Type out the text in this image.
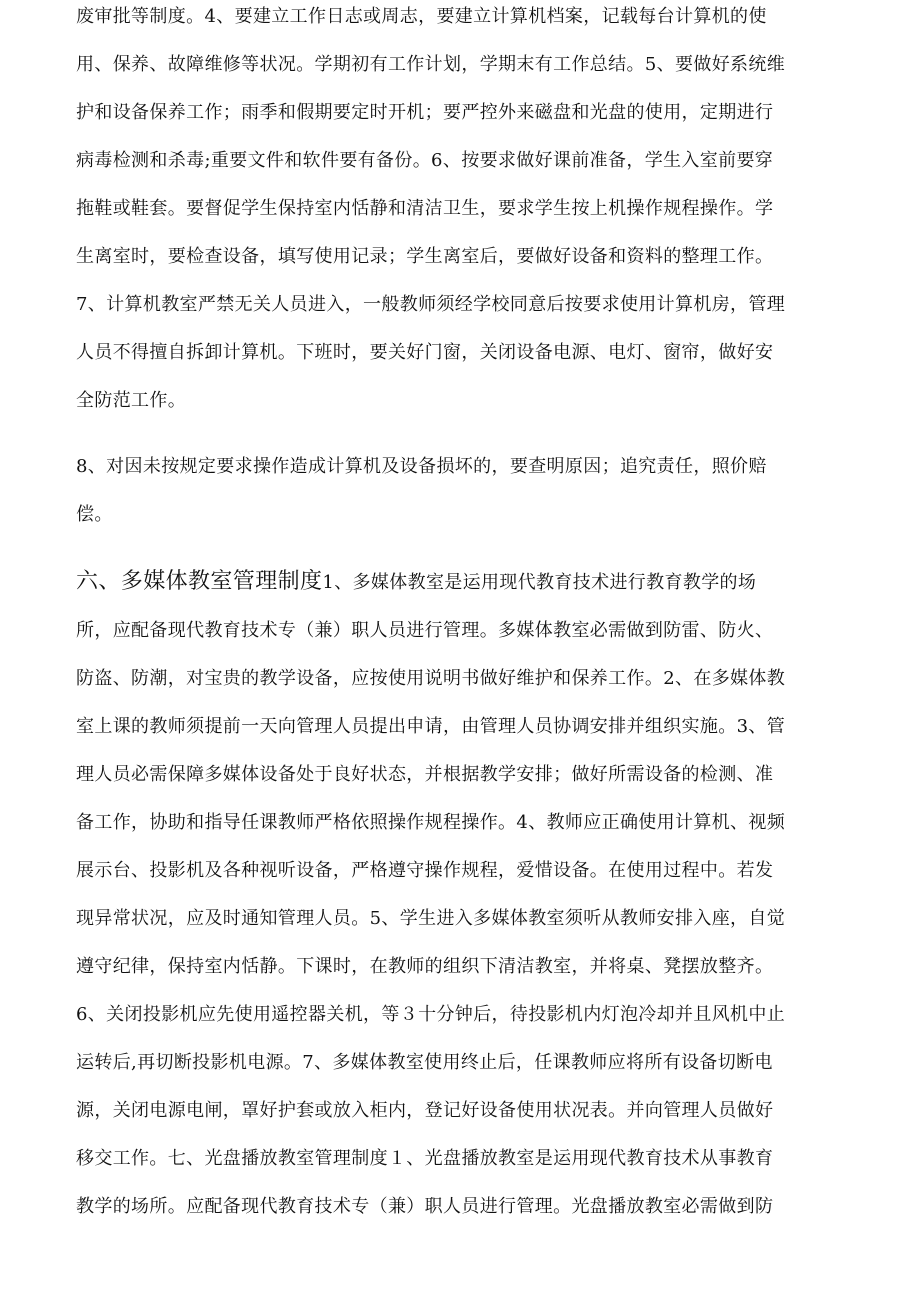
废审批等制度。4、要建立工作日志或周志，要建立计算机档案，记载每台计算机的使
用、保养、故障维修等状况。学期初有工作计划，学期末有工作总结。5、要做好系统维
护和设备保养工作；雨季和假期要定时开机；要严控外来磁盘和光盘的使用，定期进行
病毒检测和杀毒;重要文件和软件要有备份。6、按要求做好课前准备，学生入室前要穿
拖鞋或鞋套。要督促学生保持室内恬静和清洁卫生，要求学生按上机操作规程操作。学
生离室时，要检查设备，填写使用记录；学生离室后，要做好设备和资料的整理工作。
7、计算机教室严禁无关人员进入，一般教师须经学校同意后按要求使用计算机房，管理
人员不得擅自拆卸计算机。下班时，要关好门窗，关闭设备电源、电灯、窗帘，做好安
全防范工作。
8、对因未按规定要求操作造成计算机及设备损坏的，要查明原因；追究责任，照价赔
偿。
六、多媒体教室管理制度1、多媒体教室是运用现代教育技术进行教育教学的场
所，应配备现代教育技术专（兼）职人员进行管理。多媒体教室必需做到防雷、防火、
防盗、防潮，对宝贵的教学设备，应按使用说明书做好维护和保养工作。2、在多媒体教
室上课的教师须提前一天向管理人员提出申请，由管理人员协调安排并组织实施。3、管
理人员必需保障多媒体设备处于良好状态，并根据教学安排；做好所需设备的检测、准
备工作，协助和指导任课教师严格依照操作规程操作。4、教师应正确使用计算机、视频
展示台、投影机及各种视听设备，严格遵守操作规程，爱惜设备。在使用过程中。若发
现异常状况，应及时通知管理人员。5、学生进入多媒体教室须听从教师安排入座，自觉
遵守纪律，保持室内恬静。下课时，在教师的组织下清洁教室，并将桌、凳摆放整齐。
6、关闭投影机应先使用遥控器关机，等３十分钟后，待投影机内灯泡冷却并且风机中止
运转后,再切断投影机电源。7、多媒体教室使用终止后，任课教师应将所有设备切断电
源，关闭电源电闸，罩好护套或放入柜内，登记好设备使用状况表。并向管理人员做好
移交工作。七、光盘播放教室管理制度１、光盘播放教室是运用现代教育技术从事教育
教学的场所。应配备现代教育技术专（兼）职人员进行管理。光盘播放教室必需做到防
